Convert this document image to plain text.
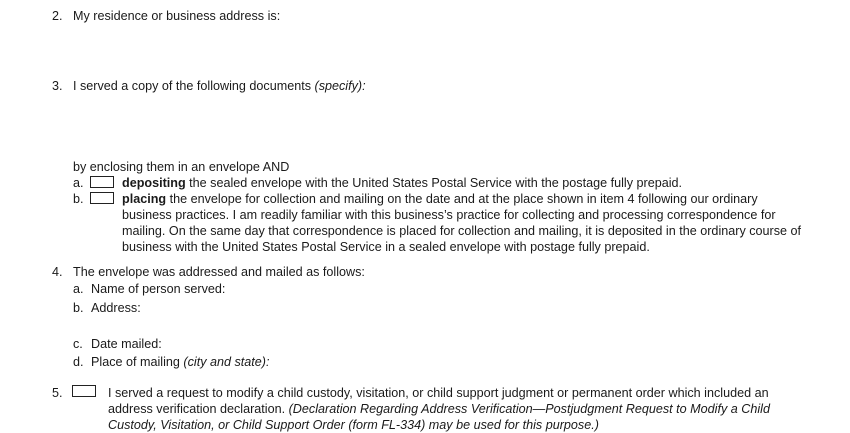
2. My residence or business address is:
3. I served a copy of the following documents (specify):
by enclosing them in an envelope AND
a.	depositing the sealed envelope with the United States Postal Service with the postage fully prepaid.
b.	placing the envelope for collection and mailing on the date and at the place shown in item 4 following our ordinary
business practices. I am readily familiar with this business’s practice for collecting and processing correspondence for
mailing. On the same day that correspondence is placed for collection and mailing, it is deposited in the ordinary course of
business with the United States Postal Service in a sealed envelope with postage fully prepaid.
4. The envelope was addressed and mailed as follows:
a. Name of person served:
b. Address:
c. Date mailed:
d. Place of mailing (city and state):
5.	I served a request to modify a child custody, visitation, or child support judgment or permanent order which included an
address verification declaration. (Declaration Regarding Address Verification—Postjudgment Request to Modify a Child
Custody, Visitation, or Child Support Order (form FL-334) may be used for this purpose.)
